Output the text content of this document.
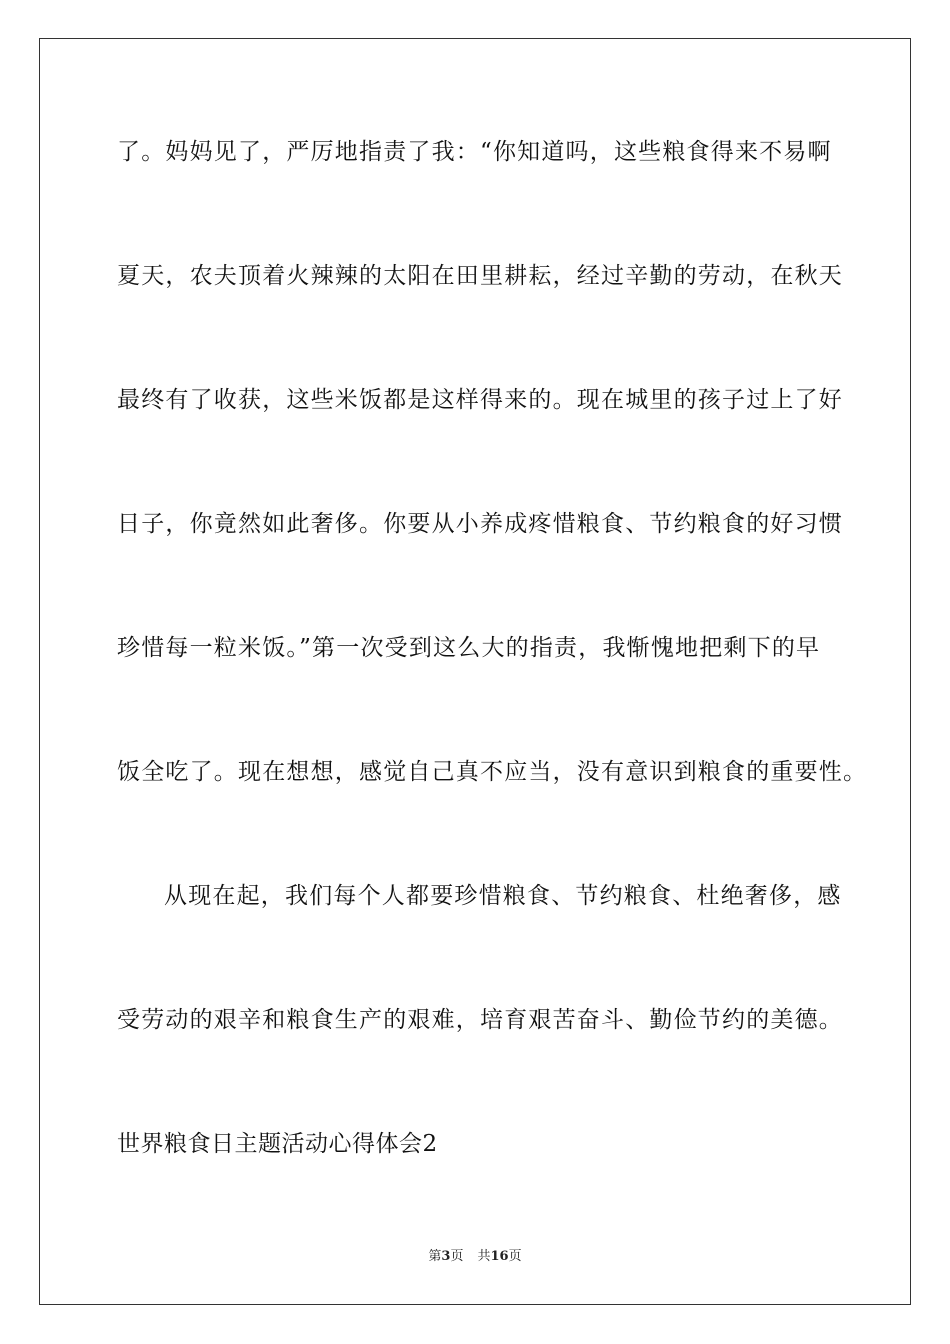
了。妈妈见了，严厉地指责了我：“你知道吗，这些粮食得来不易啊
夏天，农夫顶着火辣辣的太阳在田里耕耘，经过辛勤的劳动，在秋天
最终有了收获，这些米饭都是这样得来的。现在城里的孩子过上了好
日子，你竟然如此奢侈。你要从小养成疼惜粮食、节约粮食的好习惯
珍惜每一粒米饭。”第一次受到这么大的指责，我惭愧地把剩下的早
饭全吃了。现在想想，感觉自己真不应当，没有意识到粮食的重要性。
从现在起，我们每个人都要珍惜粮食、节约粮食、杜绝奢侈，感
受劳动的艰辛和粮食生产的艰难，培育艰苦奋斗、勤俭节约的美德。
世界粮食日主题活动心得体会2
第3页 共16页
